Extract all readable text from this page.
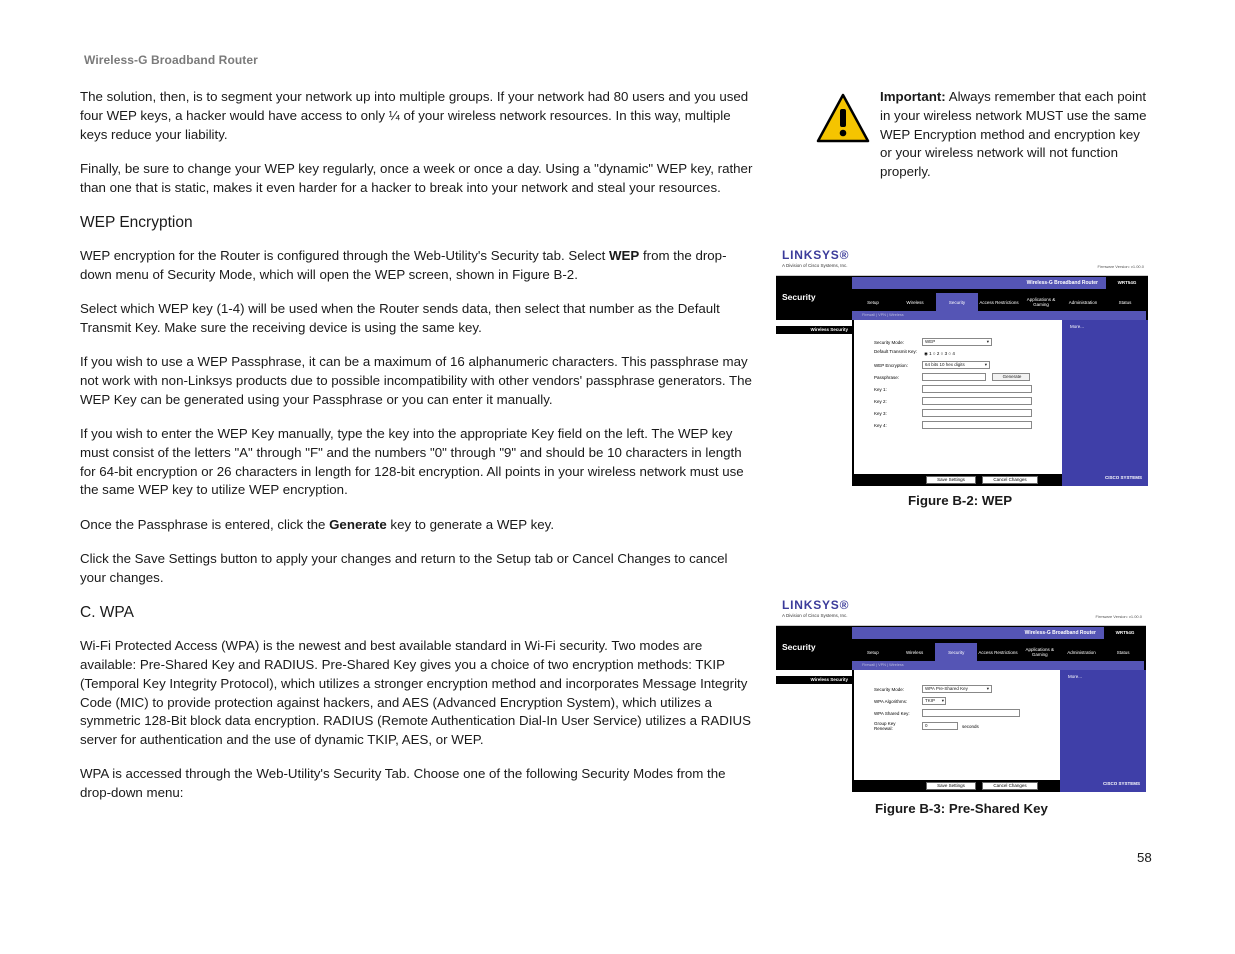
Wireless-G Broadband Router

The solution, then, is to segment your network up into multiple groups. If your network had 80 users and you used four WEP keys, a hacker would have access to only ¼ of your wireless network resources. In this way, multiple keys reduce your liability.

Finally, be sure to change your WEP key regularly, once a week or once a day. Using a "dynamic" WEP key, rather than one that is static, makes it even harder for a hacker to break into your network and steal your resources.

WEP Encryption

WEP encryption for the Router is configured through the Web-Utility's Security tab. Select WEP from the drop-down menu of Security Mode, which will open the WEP screen, shown in Figure B-2.

Select which WEP key (1-4) will be used when the Router sends data, then select that number as the Default Transmit Key. Make sure the receiving device is using the same key.

If you wish to use a WEP Passphrase, it can be a maximum of 16 alphanumeric characters. This passphrase may not work with non-Linksys products due to possible incompatibility with other vendors' passphrase generators. The WEP Key can be generated using your Passphrase or you can enter it manually.

If you wish to enter the WEP Key manually, type the key into the appropriate Key field on the left. The WEP key must consist of the letters "A" through "F" and the numbers "0" through "9" and should be 10 characters in length for 64-bit encryption or 26 characters in length for 128-bit encryption. All points in your wireless network must use the same WEP key to utilize WEP encryption.

Once the Passphrase is entered, click the Generate key to generate a WEP key.

Click the Save Settings button to apply your changes and return to the Setup tab or Cancel Changes to cancel your changes.

C. WPA

Wi-Fi Protected Access (WPA) is the newest and best available standard in Wi-Fi security. Two modes are available: Pre-Shared Key and RADIUS. Pre-Shared Key gives you a choice of two encryption methods: TKIP (Temporal Key Integrity Protocol), which utilizes a stronger encryption method and incorporates Message Integrity Code (MIC) to provide protection against hackers, and AES (Advanced Encryption System), which utilizes a symmetric 128-Bit block data encryption. RADIUS (Remote Authentication Dial-In User Service) utilizes a RADIUS server for authentication and the use of dynamic TKIP, AES, or WEP.

WPA is accessed through the Web-Utility's Security Tab. Choose one of the following Security Modes from the drop-down menu:

Important: Always remember that each point in your wireless network MUST use the same WEP Encryption method and encryption key or your wireless network will not function properly.
LINKSYS®
A Division of Cisco Systems, Inc.	Firmware Version: v1.00.0
Wireless-G Broadband Router	WRT54G
Security	Setup	Wireless	Security	Access Restrictions	Applications & Gaming	Administration	Status
Firewall | VPN | Wireless
Wireless Security
Security Mode:	WEP	▾
Default Transmit Key: ◉ 1 ○ 2 ○ 3 ○ 4
WEP Encryption:	64 bits 10 hex digits	▾
Passphrase:	Generate
Key 1:
Key 2:
Key 3:
Key 4:
More...
CISCO SYSTEMS
Save Settings	Cancel Changes
Figure B-2: WEP
LINKSYS®
A Division of Cisco Systems, Inc.	Firmware Version: v1.00.0
Wireless-G Broadband Router	WRT54G
Security	Setup	Wireless	Security	Access Restrictions	Applications & Gaming	Administration	Status
Firewall | VPN | Wireless
Wireless Security
Security Mode:	WPA Pre-Shared Key	▾
WPA Algorithms:	TKIP ▾
WPA Shared Key:
Group Key Renewal:
0	seconds
More...
CISCO SYSTEMS
Save Settings	Cancel Changes
Figure B-3: Pre-Shared Key
58
